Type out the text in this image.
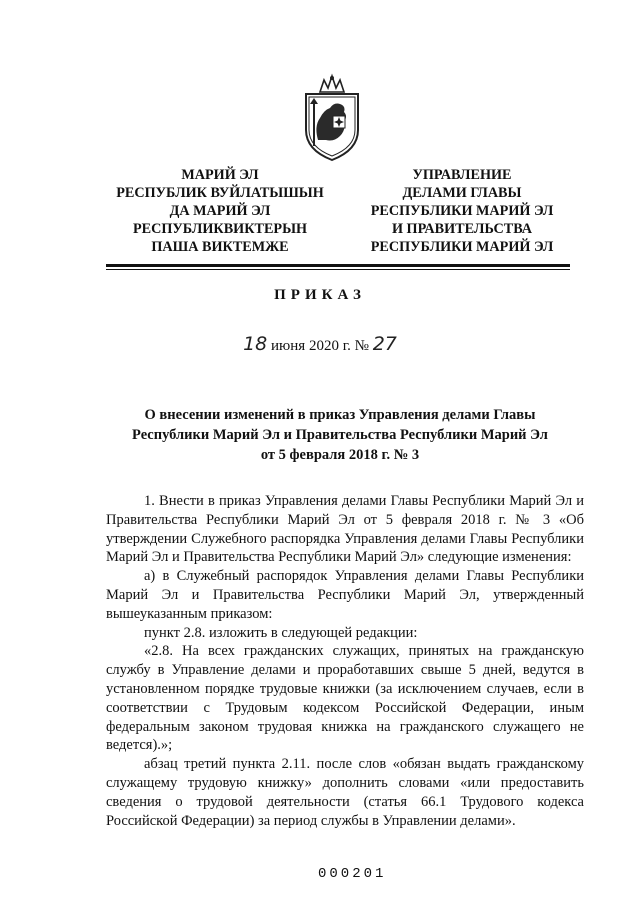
МАРИЙ ЭЛ
РЕСПУБЛИК ВУЙЛАТЫШЫН
ДА МАРИЙ ЭЛ
РЕСПУБЛИКВИКТЕРЫН
ПАША ВИКТЕМЖЕ
УПРАВЛЕНИЕ
ДЕЛАМИ ГЛАВЫ
РЕСПУБЛИКИ МАРИЙ ЭЛ
И ПРАВИТЕЛЬСТВА
РЕСПУБЛИКИ МАРИЙ ЭЛ
ПРИКАЗ
18 июня 2020 г. № 27
О внесении изменений в приказ Управления делами Главы
Республики Марий Эл и Правительства Республики Марий Эл
от 5 февраля 2018 г. № 3

1. Внести в приказ Управления делами Главы Республики Марий Эл и Правительства Республики Марий Эл от 5 февраля 2018 г. № 3 «Об утверждении Служебного распорядка Управления делами Главы Республики Марий Эл и Правительства Республики Марий Эл» следующие изменения:

а) в Служебный распорядок Управления делами Главы Республики Марий Эл и Правительства Республики Марий Эл, утвержденный вышеуказанным приказом:

пункт 2.8. изложить в следующей редакции:

«2.8. На всех гражданских служащих, принятых на гражданскую службу в Управление делами и проработавших свыше 5 дней, ведутся в установленном порядке трудовые книжки (за исключением случаев, если в соответствии с Трудовым кодексом Российской Федерации, иным федеральным законом трудовая книжка на гражданского служащего не ведется).»;

абзац третий пункта 2.11. после слов «обязан выдать гражданскому служащему трудовую книжку» дополнить словами «или предоставить сведения о трудовой деятельности (статья 66.1 Трудового кодекса Российской Федерации) за период службы в Управлении делами».

000201
